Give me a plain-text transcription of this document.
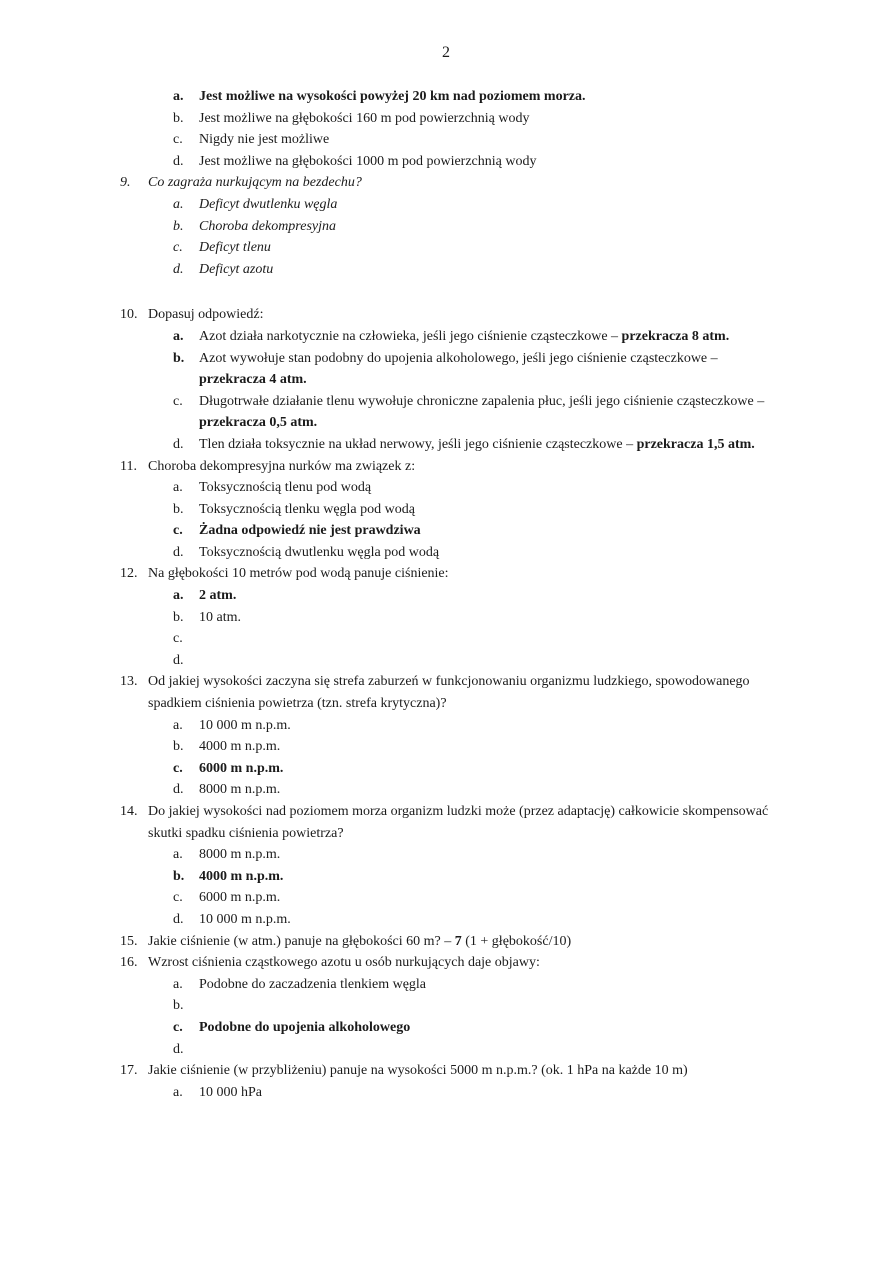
2
a. Jest możliwe na wysokości powyżej 20 km nad poziomem morza.
b. Jest możliwe na głębokości 160 m pod powierzchnią wody
c. Nigdy nie jest możliwe
d. Jest możliwe na głębokości 1000 m pod powierzchnią wody
9. Co zagraża nurkującym na bezdechu?
a. Deficyt dwutlenku węgla
b. Choroba dekompresyjna
c. Deficyt tlenu
d. Deficyt azotu
10. Dopasuj odpowiedź:
a. Azot działa narkotycznie na człowieka, jeśli jego ciśnienie cząsteczkowe – przekracza 8 atm.
b. Azot wywołuje stan podobny do upojenia alkoholowego, jeśli jego ciśnienie cząsteczkowe – przekracza 4 atm.
c. Długotrwałe działanie tlenu wywołuje chroniczne zapalenia płuc, jeśli jego ciśnienie cząsteczkowe – przekracza 0,5 atm.
d. Tlen działa toksycznie na układ nerwowy, jeśli jego ciśnienie cząsteczkowe – przekracza 1,5 atm.
11. Choroba dekompresyjna nurków ma związek z:
a. Toksycznością tlenu pod wodą
b. Toksycznością tlenku węgla pod wodą
c. Żadna odpowiedź nie jest prawdziwa
d. Toksycznością dwutlenku węgla pod wodą
12. Na głębokości 10 metrów pod wodą panuje ciśnienie:
a. 2 atm.
b. 10 atm.
c.

d.

13. Od jakiej wysokości zaczyna się strefa zaburzeń w funkcjonowaniu organizmu ludzkiego, spowodowanego spadkiem ciśnienia powietrza (tzn. strefa krytyczna)?
a. 10 000 m n.p.m.
b. 4000 m n.p.m.
c. 6000 m n.p.m.
d. 8000 m n.p.m.
14. Do jakiej wysokości nad poziomem morza organizm ludzki może (przez adaptację) całkowicie skompensować skutki spadku ciśnienia powietrza?
a. 8000 m n.p.m.
b. 4000 m n.p.m.
c. 6000 m n.p.m.
d. 10 000 m n.p.m.
15. Jakie ciśnienie (w atm.) panuje na głębokości 60 m? – 7 (1 + głębokość/10)
16. Wzrost ciśnienia cząstkowego azotu u osób nurkujących daje objawy:
a. Podobne do zaczadzenia tlenkiem węgla
b.

c. Podobne do upojenia alkoholowego
d.

17. Jakie ciśnienie (w przybliżeniu) panuje na wysokości 5000 m n.p.m.? (ok. 1 hPa na każde 10 m)
a. 10 000 hPa
